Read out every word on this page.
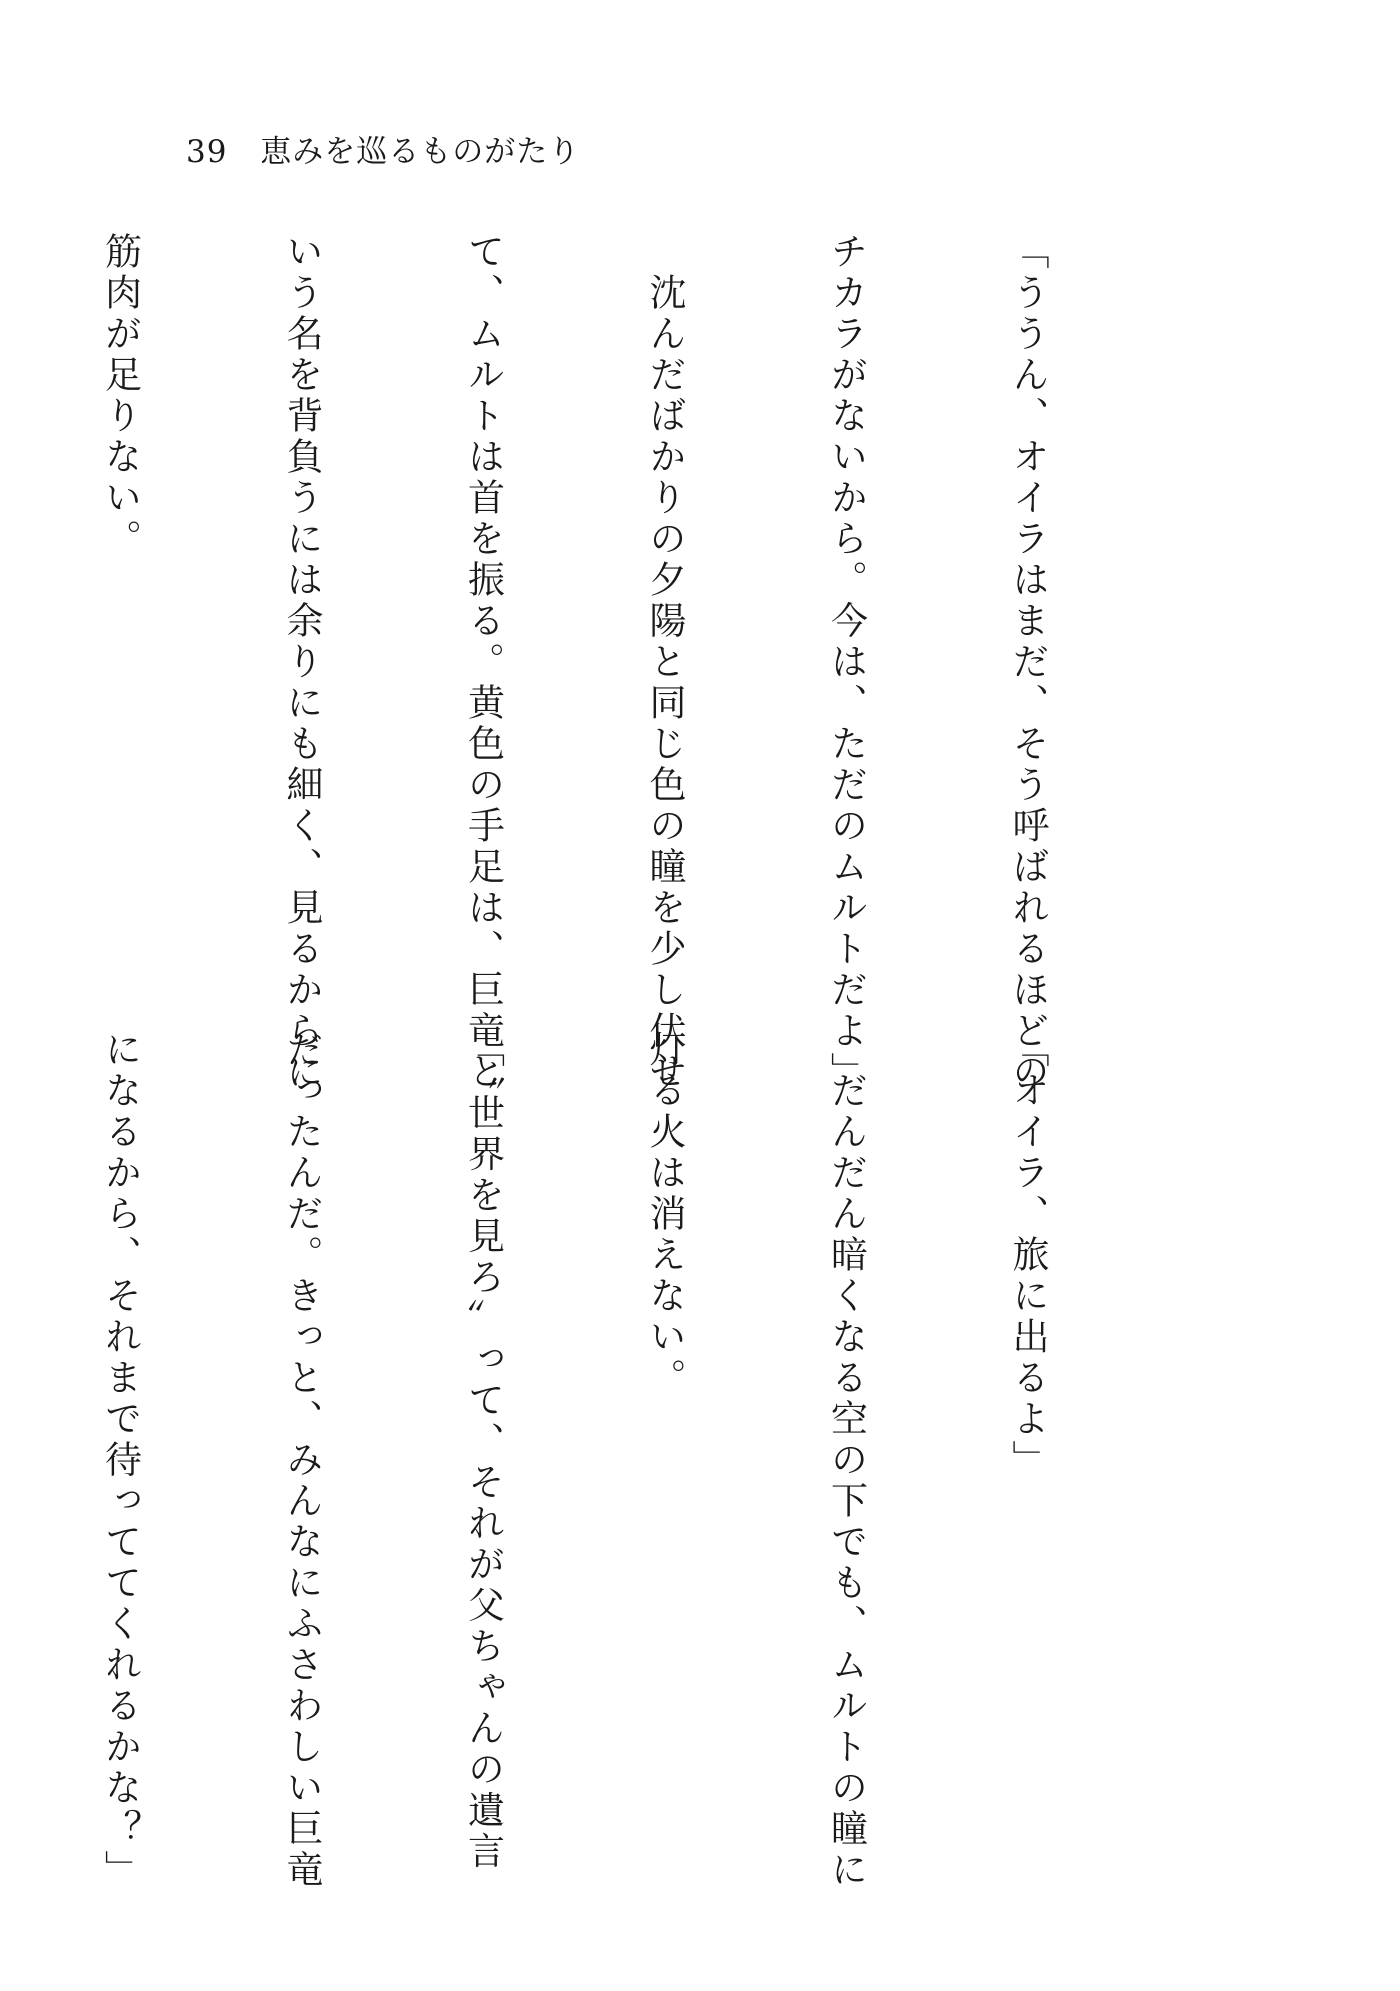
39 恵みを巡るものがたり

「ううん、オイラはまだ、そう呼ばれるほどの

チカラがないから。今は、ただのムルトだよ」

　沈んだばかりの夕陽と同じ色の瞳を少し伏せ

て、ムルトは首を振る。黄色の手足は、巨竜と

いう名を背負うには余りにも細く、見るからに

筋肉が足りない。

「オイラ、旅に出るよ」

　だんだん暗くなる空の下でも、ムルトの瞳に

灯る火は消えない。

「〝世界を見ろ〟って、それが父ちゃんの遺言

だったんだ。きっと、みんなにふさわしい巨竜

になるから、それまで待っててくれるかな？」
